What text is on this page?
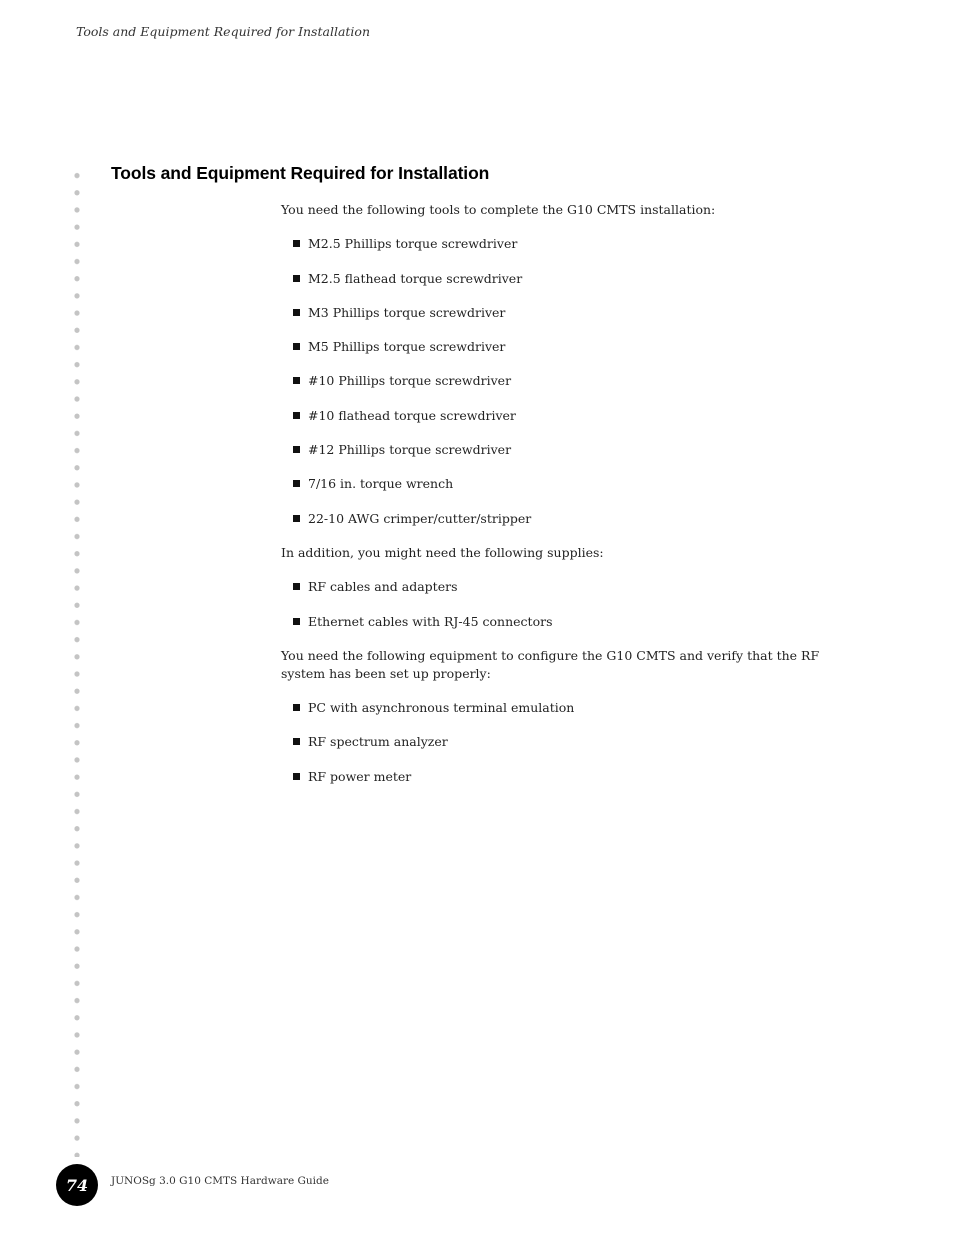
Tools and Equipment Required for Installation
Tools and Equipment Required for Installation

You need the following tools to complete the G10 CMTS installation:

M2.5 Phillips torque screwdriver
M2.5 flathead torque screwdriver
M3 Phillips torque screwdriver
M5 Phillips torque screwdriver
#10 Phillips torque screwdriver
#10 flathead torque screwdriver
#12 Phillips torque screwdriver
7/16 in. torque wrench
22-10 AWG crimper/cutter/stripper

In addition, you might need the following supplies:

RF cables and adapters
Ethernet cables with RJ-45 connectors

You need the following equipment to configure the G10 CMTS and verify that the RF system has been set up properly:

PC with asynchronous terminal emulation
RF spectrum analyzer
RF power meter
74	JUNOSg 3.0 G10 CMTS Hardware Guide
